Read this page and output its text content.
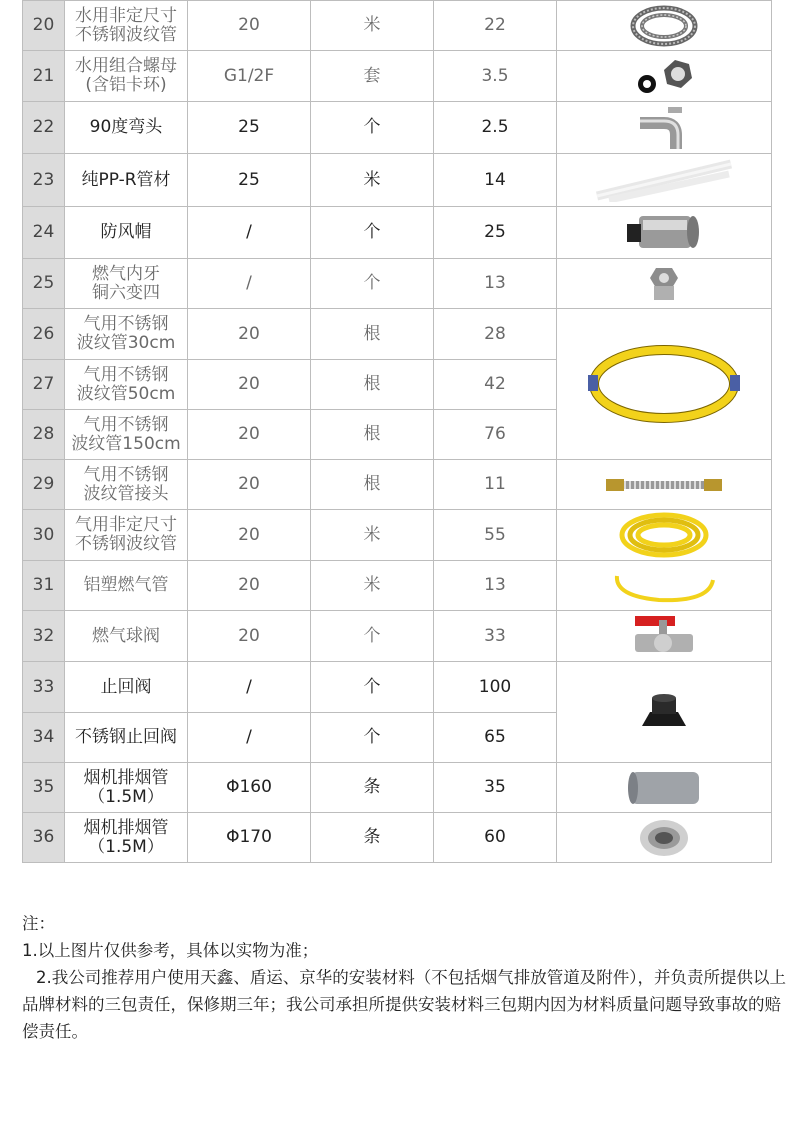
20	水用非定尺寸
不锈钢波纹管	20	米	22	

21	水用组合螺母
(含铝卡环)	G1/2F	套	3.5	

22	90度弯头	25	个	2.5	

23	纯PP-R管材	25	米	14	

24	防风帽	/	个	25	

25	燃气内牙
铜六变四	/	个	13	

26	气用不锈钢
波纹管30cm	20	根	28	

27	气用不锈钢
波纹管50cm	20	根	42	
28	气用不锈钢
波纹管150cm	20	根	76	
29	气用不锈钢
波纹管接头	20	根	11	

30	气用非定尺寸
不锈钢波纹管	20	米	55	

31	铝塑燃气管	20	米	13	

32	燃气球阀	20	个	33	

33	止回阀	/	个	100	

34	不锈钢止回阀	/	个	65	
35	烟机排烟管
（1.5M）	Φ160	条	35	

36	烟机排烟管
（1.5M）	Φ170	条	60	

注：

1.以上图片仅供参考，具体以实物为准；

2.我公司推荐用户使用天鑫、盾运、京华的安装材料（不包括烟气排放管道及附件），并负责所提供以上品牌材料的三包责任，保修期三年；我公司承担所提供安装材料三包期内因为材料质量问题导致事故的赔偿责任。
